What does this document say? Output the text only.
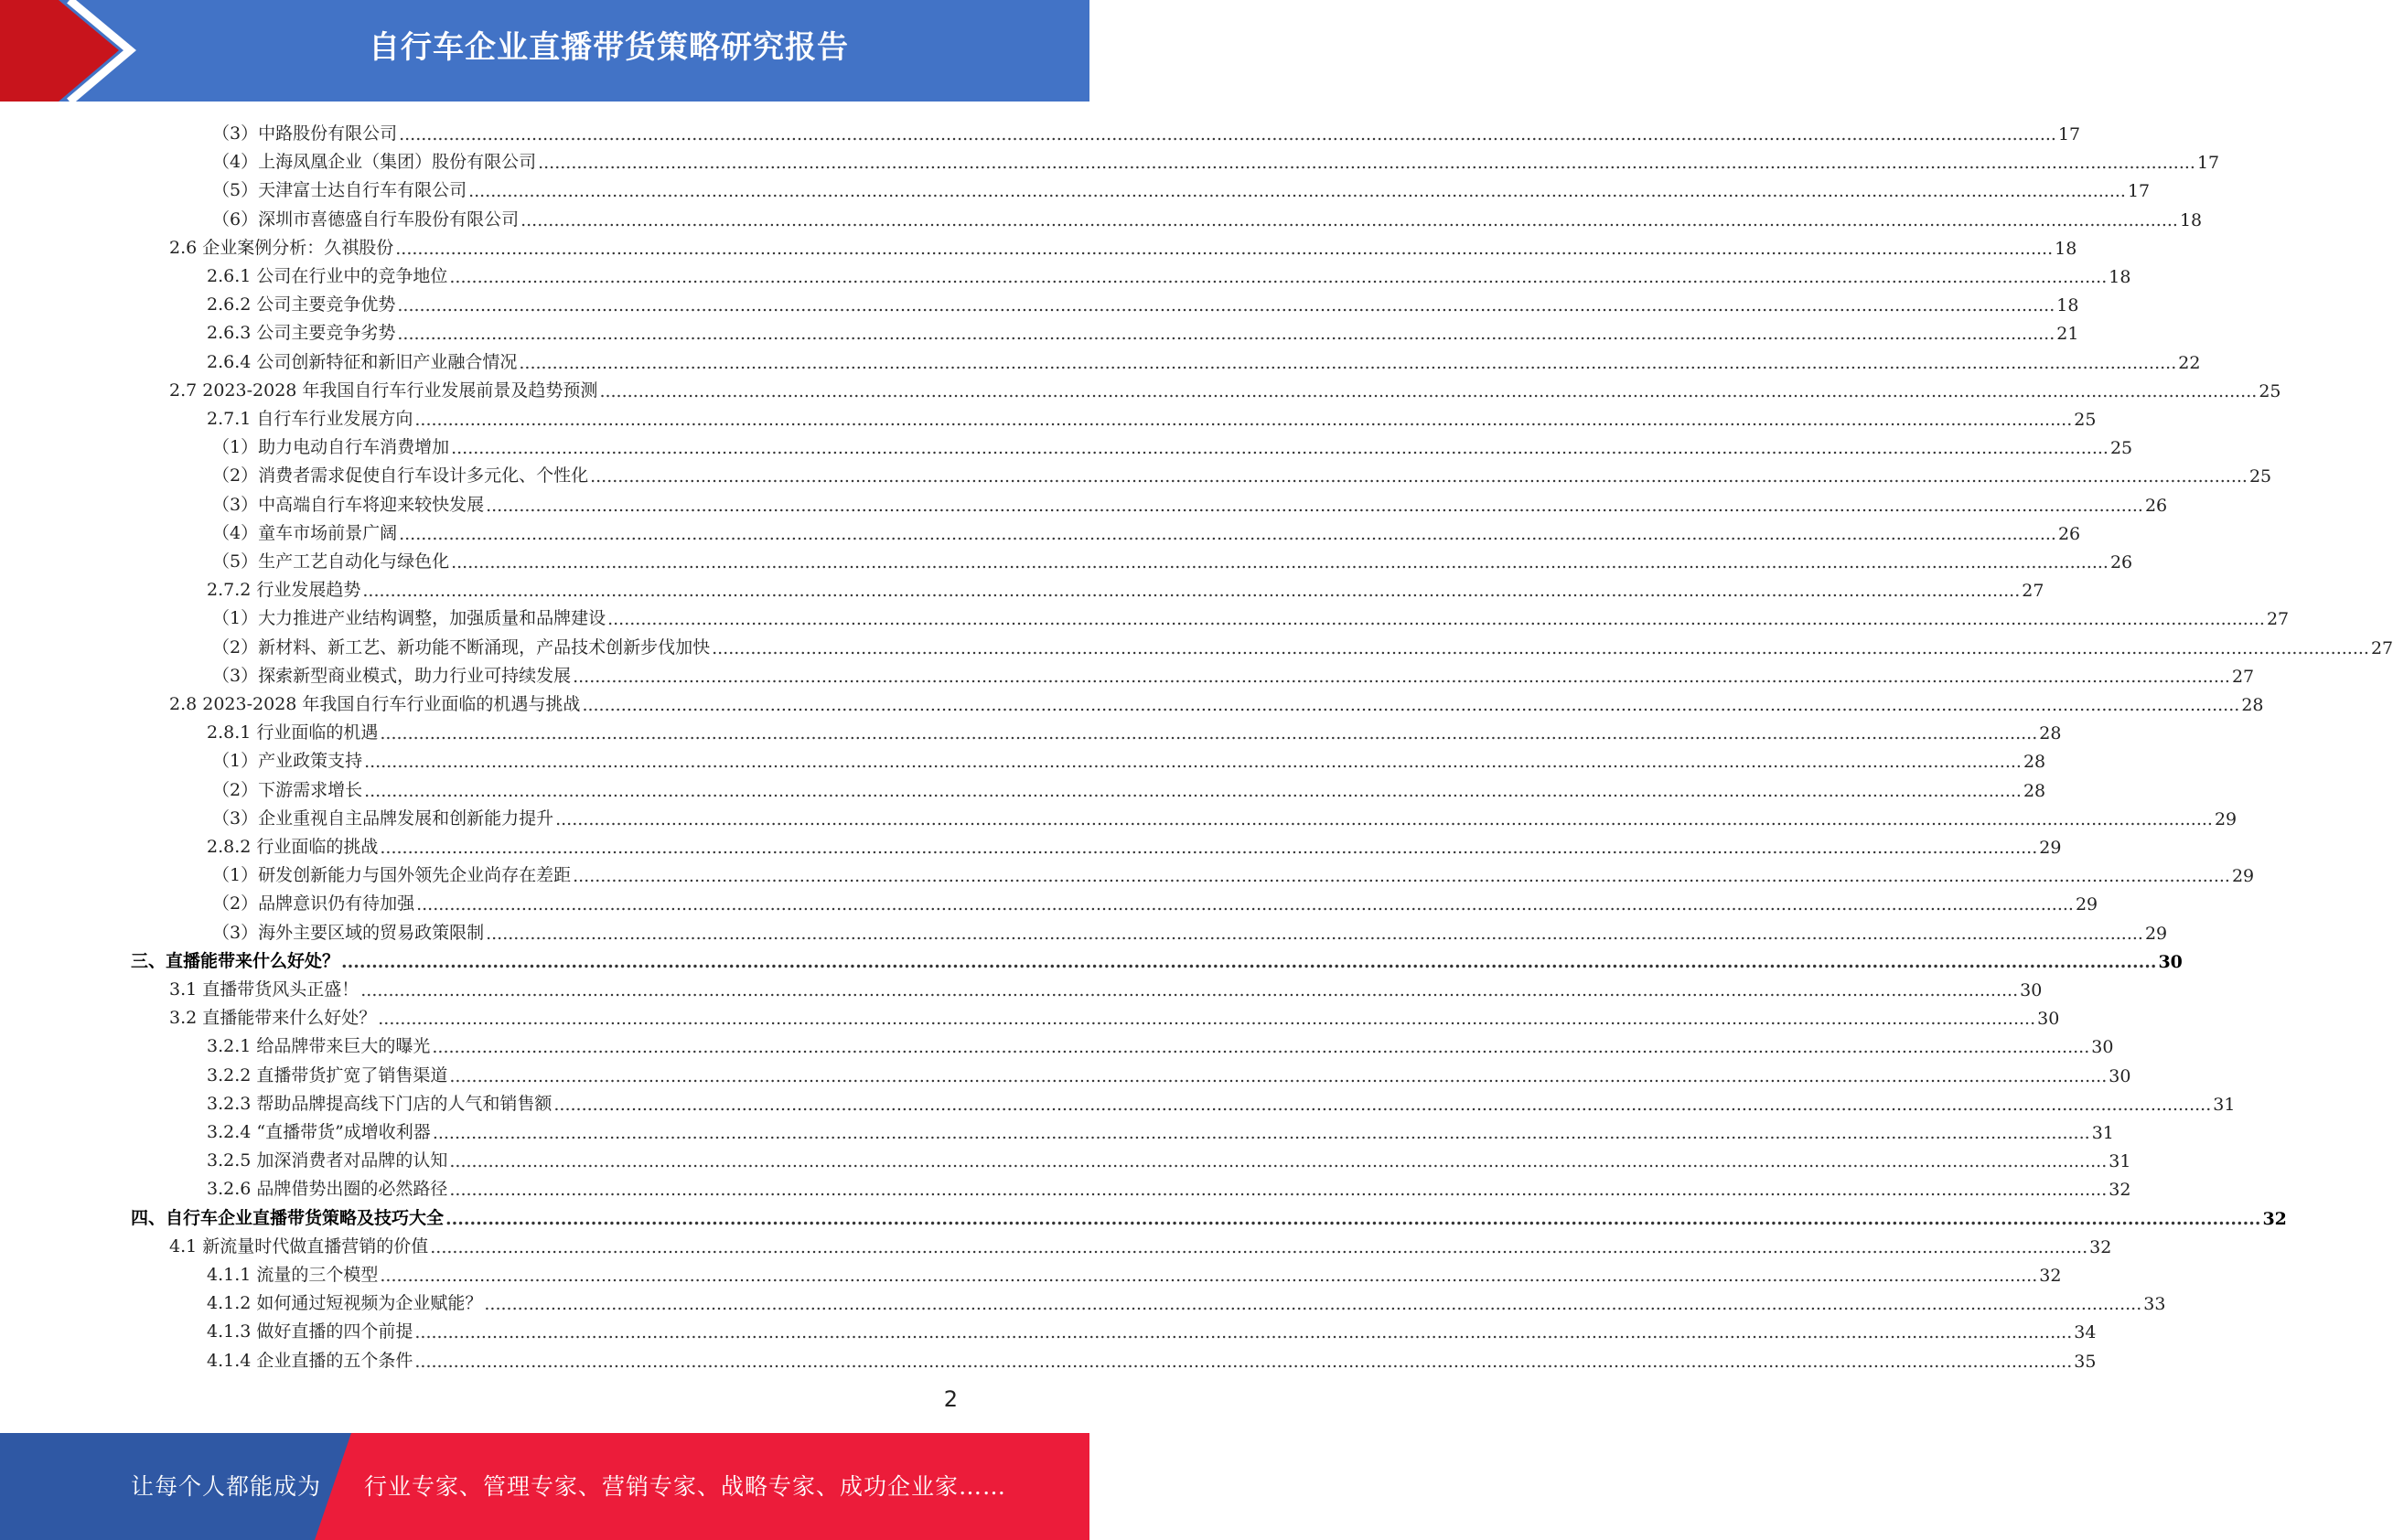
自行车企业直播带货策略研究报告
（3）中路股份有限公司 ............................................................................................................................................................................................................................................................................................................ 17
（4）上海凤凰企业（集团）股份有限公司 ............................................................................................................................................................................................................................................................................................................ 17
（5）天津富士达自行车有限公司 ............................................................................................................................................................................................................................................................................................................ 17
（6）深圳市喜德盛自行车股份有限公司 ............................................................................................................................................................................................................................................................................................................ 18
2.6 企业案例分析：久祺股份 ............................................................................................................................................................................................................................................................................................................ 18
2.6.1 公司在行业中的竞争地位 ............................................................................................................................................................................................................................................................................................................ 18
2.6.2 公司主要竞争优势 ............................................................................................................................................................................................................................................................................................................ 18
2.6.3 公司主要竞争劣势 ............................................................................................................................................................................................................................................................................................................ 21
2.6.4 公司创新特征和新旧产业融合情况 ............................................................................................................................................................................................................................................................................................................ 22
2.7 2023-2028 年我国自行车行业发展前景及趋势预测 ............................................................................................................................................................................................................................................................................................................ 25
2.7.1 自行车行业发展方向 ............................................................................................................................................................................................................................................................................................................ 25
（1）助力电动自行车消费增加 ............................................................................................................................................................................................................................................................................................................ 25
（2）消费者需求促使自行车设计多元化、个性化 ............................................................................................................................................................................................................................................................................................................ 25
（3）中高端自行车将迎来较快发展 ............................................................................................................................................................................................................................................................................................................ 26
（4）童车市场前景广阔 ............................................................................................................................................................................................................................................................................................................ 26
（5）生产工艺自动化与绿色化 ............................................................................................................................................................................................................................................................................................................ 26
2.7.2 行业发展趋势 ............................................................................................................................................................................................................................................................................................................ 27
（1）大力推进产业结构调整，加强质量和品牌建设 ............................................................................................................................................................................................................................................................................................................ 27
（2）新材料、新工艺、新功能不断涌现，产品技术创新步伐加快 ............................................................................................................................................................................................................................................................................................................ 27
（3）探索新型商业模式，助力行业可持续发展 ............................................................................................................................................................................................................................................................................................................ 27
2.8 2023-2028 年我国自行车行业面临的机遇与挑战 ............................................................................................................................................................................................................................................................................................................ 28
2.8.1 行业面临的机遇 ............................................................................................................................................................................................................................................................................................................ 28
（1）产业政策支持 ............................................................................................................................................................................................................................................................................................................ 28
（2）下游需求增长 ............................................................................................................................................................................................................................................................................................................ 28
（3）企业重视自主品牌发展和创新能力提升 ............................................................................................................................................................................................................................................................................................................ 29
2.8.2 行业面临的挑战 ............................................................................................................................................................................................................................................................................................................ 29
（1）研发创新能力与国外领先企业尚存在差距 ............................................................................................................................................................................................................................................................................................................ 29
（2）品牌意识仍有待加强 ............................................................................................................................................................................................................................................................................................................ 29
（3）海外主要区域的贸易政策限制 ............................................................................................................................................................................................................................................................................................................ 29
三、直播能带来什么好处？ ............................................................................................................................................................................................................................................................................................................ 30
3.1 直播带货风头正盛！ ............................................................................................................................................................................................................................................................................................................ 30
3.2 直播能带来什么好处？ ............................................................................................................................................................................................................................................................................................................ 30
3.2.1 给品牌带来巨大的曝光 ............................................................................................................................................................................................................................................................................................................ 30
3.2.2 直播带货扩宽了销售渠道 ............................................................................................................................................................................................................................................................................................................ 30
3.2.3 帮助品牌提高线下门店的人气和销售额 ............................................................................................................................................................................................................................................................................................................ 31
3.2.4 “直播带货”成增收利器 ............................................................................................................................................................................................................................................................................................................ 31
3.2.5 加深消费者对品牌的认知 ............................................................................................................................................................................................................................................................................................................ 31
3.2.6 品牌借势出圈的必然路径 ............................................................................................................................................................................................................................................................................................................ 32
四、自行车企业直播带货策略及技巧大全 ............................................................................................................................................................................................................................................................................................................ 32
4.1 新流量时代做直播营销的价值 ............................................................................................................................................................................................................................................................................................................ 32
4.1.1 流量的三个模型 ............................................................................................................................................................................................................................................................................................................ 32
4.1.2 如何通过短视频为企业赋能？ ............................................................................................................................................................................................................................................................................................................ 33
4.1.3 做好直播的四个前提 ............................................................................................................................................................................................................................................................................................................ 34
4.1.4 企业直播的五个条件 ............................................................................................................................................................................................................................................................................................................ 35
2
让每个人都能成为 行业专家、管理专家、营销专家、战略专家、成功企业家……
